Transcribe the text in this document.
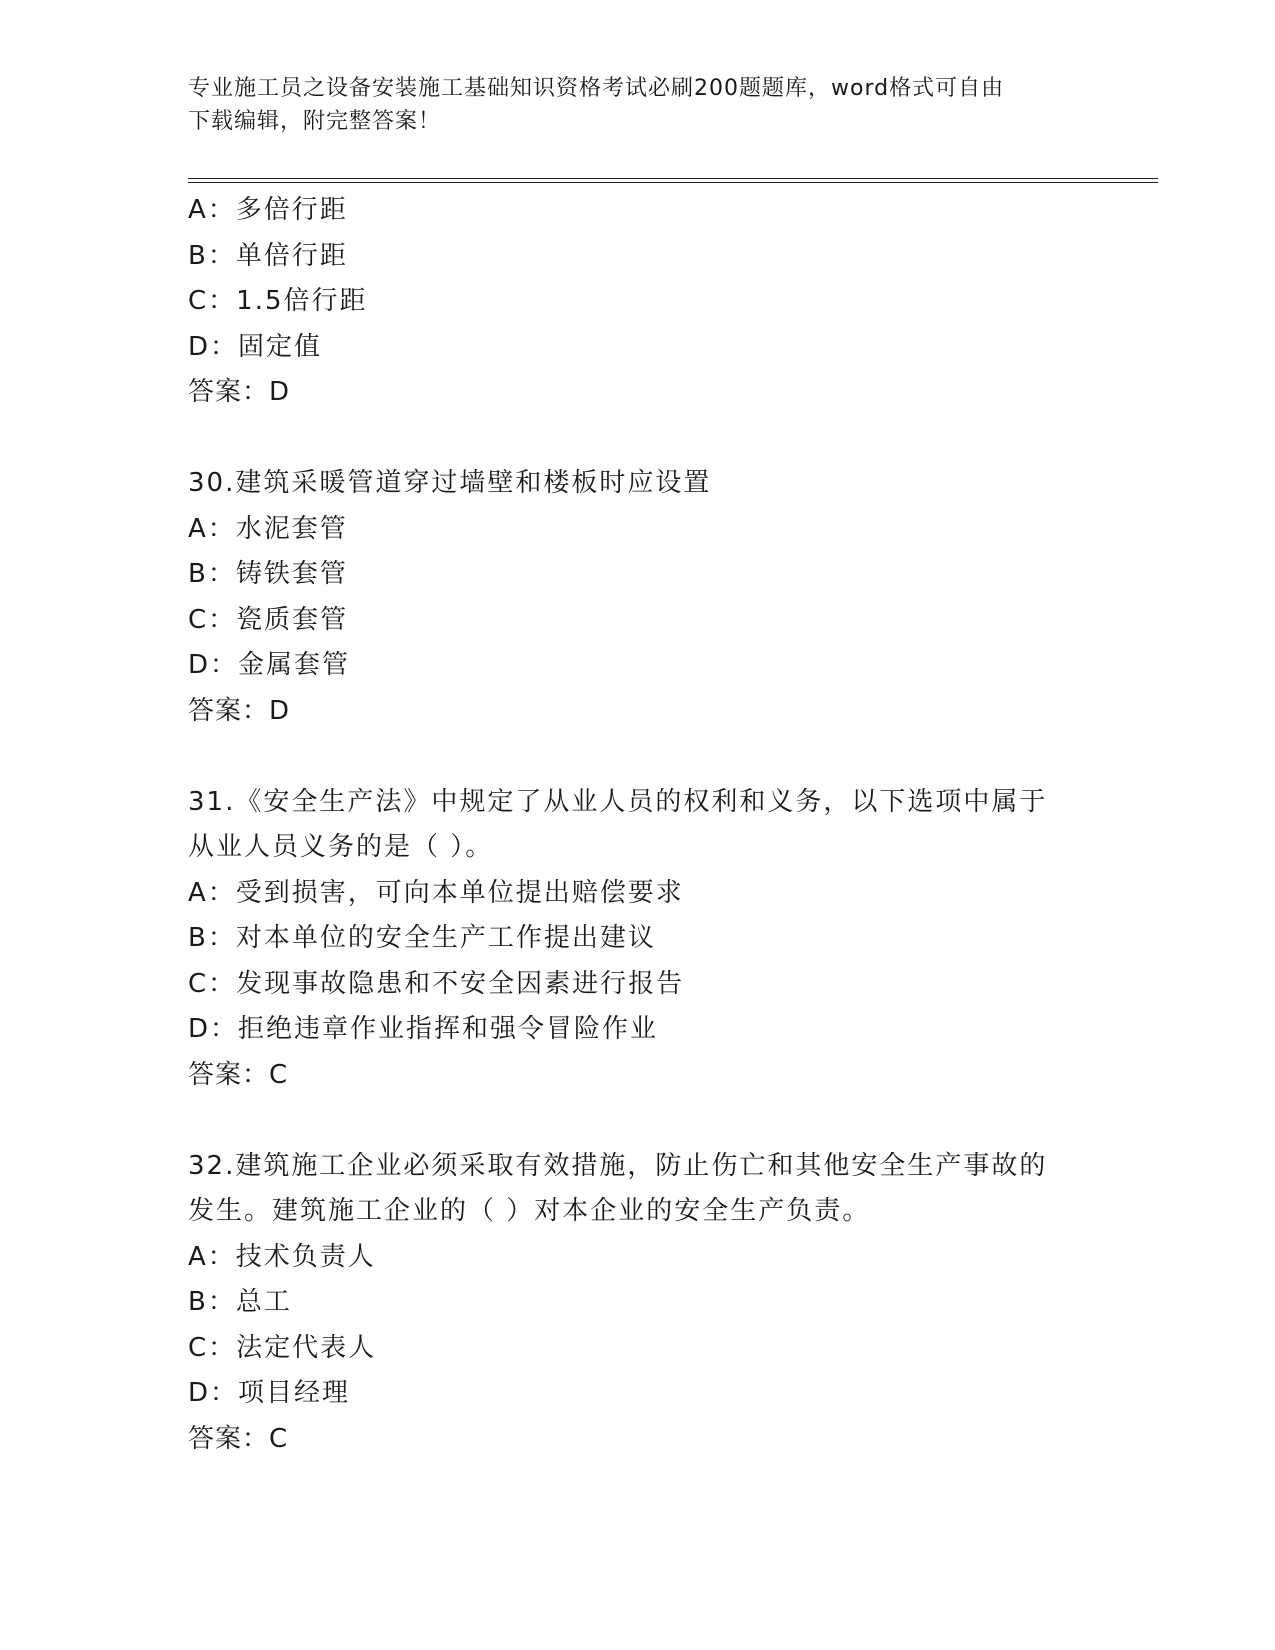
专业施工员之设备安装施工基础知识资格考试必刷200题题库，word格式可自由
下载编辑，附完整答案！
A：多倍行距
B：单倍行距
C：1.5倍行距
D：固定值
答案：D
30.建筑采暖管道穿过墙壁和楼板时应设置
A：水泥套管
B：铸铁套管
C：瓷质套管
D：金属套管
答案：D
31.《安全生产法》中规定了从业人员的权利和义务，以下选项中属于
从业人员义务的是（ ）。
A：受到损害，可向本单位提出赔偿要求
B：对本单位的安全生产工作提出建议
C：发现事故隐患和不安全因素进行报告
D：拒绝违章作业指挥和强令冒险作业
答案：C
32.建筑施工企业必须采取有效措施，防止伤亡和其他安全生产事故的
发生。建筑施工企业的（ ）对本企业的安全生产负责。
A：技术负责人
B：总工
C：法定代表人
D：项目经理
答案：C
